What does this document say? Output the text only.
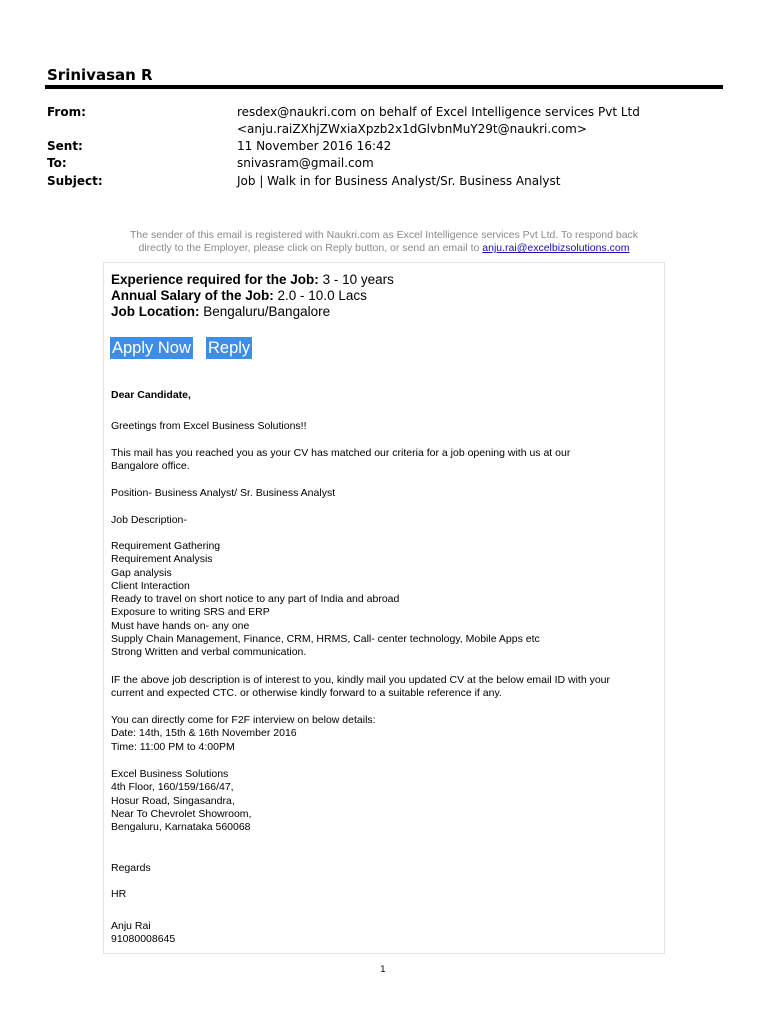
Srinivasan R
From:	resdex@naukri.com on behalf of Excel Intelligence services Pvt Ltd
<anju.raiZXhjZWxiaXpzb2x1dGlvbnMuY29t@naukri.com>
Sent:	11 November 2016 16:42
To:	snivasram@gmail.com
Subject:	Job | Walk in for Business Analyst/Sr. Business Analyst
The sender of this email is registered with Naukri.com as Excel Intelligence services Pvt Ltd. To respond back
directly to the Employer, please click on Reply button, or send an email to anju.rai@excelbizsolutions.com
Experience required for the Job: 3 - 10 years
Annual Salary of the Job: 2.0 - 10.0 Lacs
Job Location: Bengaluru/Bangalore
Apply Now Reply
Dear Candidate,
Greetings from Excel Business Solutions!!
This mail has you reached you as your CV has matched our criteria for a job opening with us at our
Bangalore office.
Position- Business Analyst/ Sr. Business Analyst
Job Description-
Requirement Gathering
Requirement Analysis
Gap analysis
Client Interaction
Ready to travel on short notice to any part of India and abroad
Exposure to writing SRS and ERP
Must have hands on- any one
Supply Chain Management, Finance, CRM, HRMS, Call- center technology, Mobile Apps etc
Strong Written and verbal communication.
IF the above job description is of interest to you, kindly mail you updated CV at the below email ID with your
current and expected CTC. or otherwise kindly forward to a suitable reference if any.
You can directly come for F2F interview on below details:
Date: 14th, 15th & 16th November 2016
Time: 11:00 PM to 4:00PM
Excel Business Solutions
4th Floor, 160/159/166/47,
Hosur Road, Singasandra,
Near To Chevrolet Showroom,
Bengaluru, Karnataka 560068
Regards
HR
Anju Rai
91080008645
1
